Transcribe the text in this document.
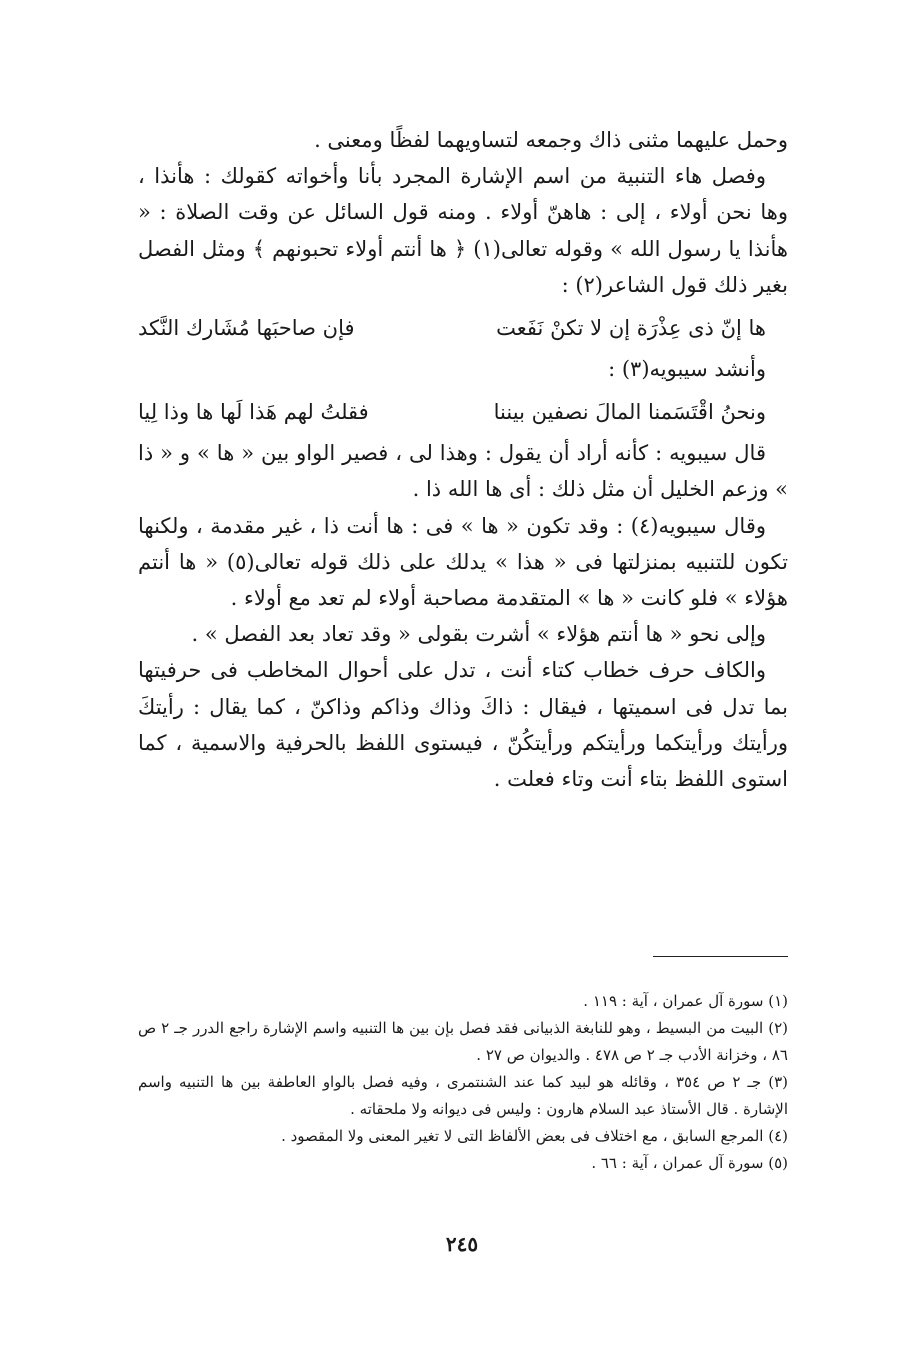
وحمل عليهما مثنى ذاك وجمعه لتساويهما لفظًا ومعنى .

وفصل هاء التنبية من اسم الإشارة المجرد بأنا وأخواته كقولك : هأنذا ، وها نحن أولاء ، إلى : هاهنّ أولاء . ومنه قول السائل عن وقت الصلاة : « هأنذا يا رسول الله » وقوله تعالى(١) ﴿ ها أنتم أولاء تحبونهم ﴾ ومثل الفصل بغير ذلك قول الشاعر(٢) :

ها إنّ ذى عِذْرَة إن لا تكنْ نَفَعت
فإن صاحبَها مُشَارك النَّكد

وأنشد سيبويه(٣) :

ونحنُ اقْتَسَمنا المالَ نصفين بيننا
فقلتُ لهم هَذا لَها ها وذا لِيا

قال سيبويه : كأنه أراد أن يقول : وهذا لى ، فصير الواو بين « ها » و « ذا » وزعم الخليل أن مثل ذلك : أى ها الله ذا .

وقال سيبويه(٤) : وقد تكون « ها » فى : ها أنت ذا ، غير مقدمة ، ولكنها تكون للتنبيه بمنزلتها فى « هذا » يدلك على ذلك قوله تعالى(٥) « ها أنتم هؤلاء » فلو كانت « ها » المتقدمة مصاحبة أولاء لم تعد مع أولاء .

وإلى نحو « ها أنتم هؤلاء » أشرت بقولى « وقد تعاد بعد الفصل » .

والكاف حرف خطاب كتاء أنت ، تدل على أحوال المخاطب فى حرفيتها بما تدل فى اسميتها ، فيقال : ذاكَ وذاك وذاكم وذاكنّ ، كما يقال : رأيتكَ ورأيتك ورأيتكما ورأيتكم ورأيتكُنّ ، فيستوى اللفظ بالحرفية والاسمية ، كما استوى اللفظ بتاء أنت وتاء فعلت .

(١) سورة آل عمران ، آية : ١١٩ .

(٢) البيت من البسيط ، وهو للنابغة الذبيانى فقد فصل بإن بين ها التنبيه واسم الإشارة راجع الدرر جـ ٢ ص ٨٦ ، وخزانة الأدب جـ ٢ ص ٤٧٨ . والديوان ص ٢٧ .

(٣) جـ ٢ ص ٣٥٤ ، وقائله هو لبيد كما عند الشنتمرى ، وفيه فصل بالواو العاطفة بين ها التنبيه واسم الإشارة . قال الأستاذ عبد السلام هارون : وليس فى ديوانه ولا ملحقاته .

(٤) المرجع السابق ، مع اختلاف فى بعض الألفاظ التى لا تغير المعنى ولا المقصود .

(٥) سورة آل عمران ، آية : ٦٦ .

٢٤٥
